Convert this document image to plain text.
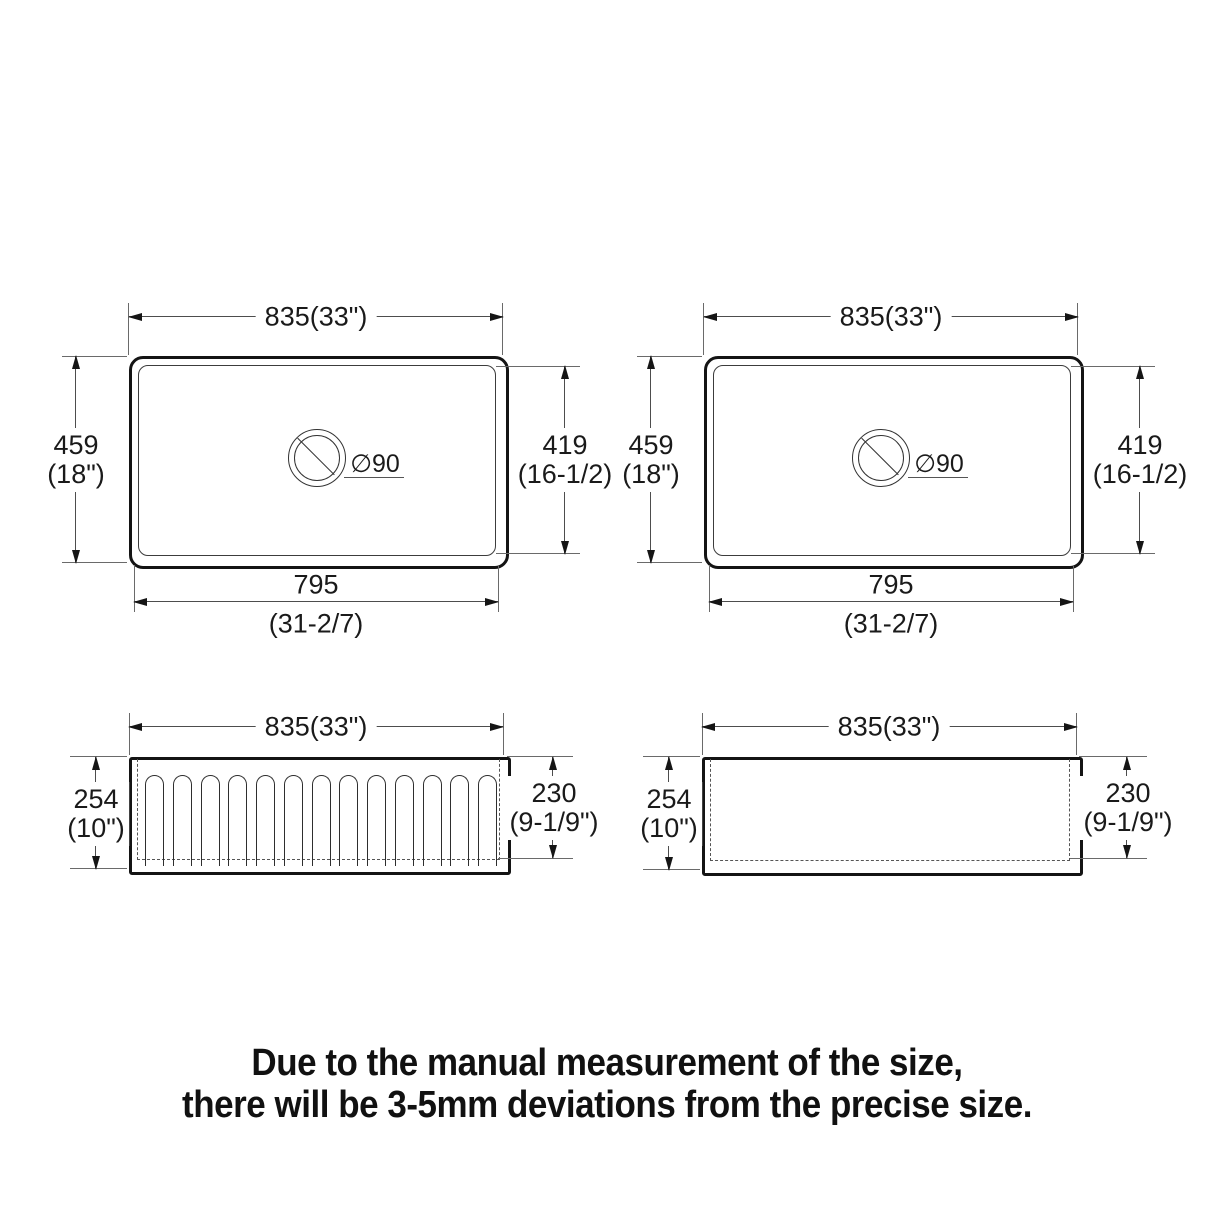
835(33")
459
(18")
419
(16-1/2)
795
(31-2/7)
∅90
835(33")
459
(18")
419
(16-1/2)
795
(31-2/7)
∅90
835(33")
254
(10")
230
(9-1/9")
835(33")
254
(10")
230
(9-1/9")
Due to the manual measurement of the size,
there will be 3-5mm deviations from the precise size.
